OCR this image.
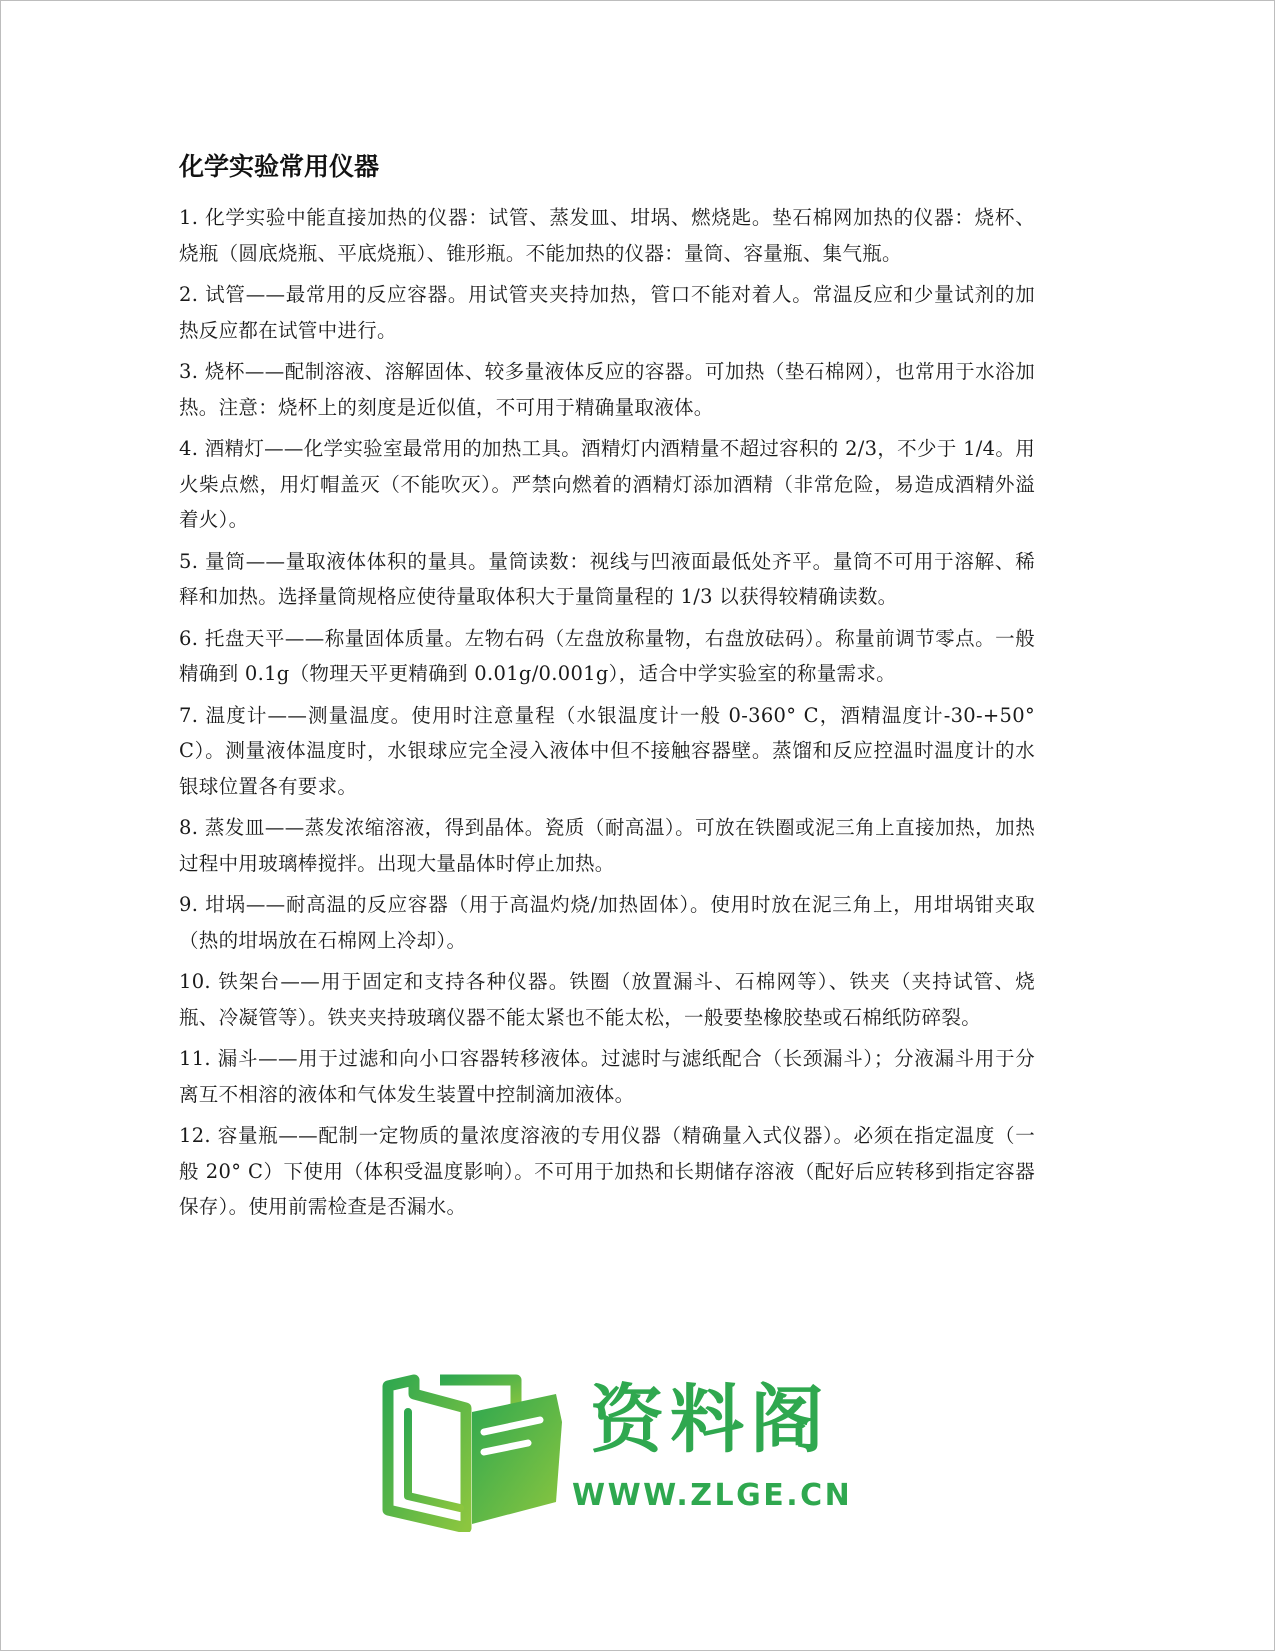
化学实验常用仪器

1. 化学实验中能直接加热的仪器：试管、蒸发皿、坩埚、燃烧匙。垫石棉网加热的仪器：烧杯、烧瓶（圆底烧瓶、平底烧瓶）、锥形瓶。不能加热的仪器：量筒、容量瓶、集气瓶。

2. 试管——最常用的反应容器。用试管夹夹持加热，管口不能对着人。常温反应和少量试剂的加热反应都在试管中进行。

3. 烧杯——配制溶液、溶解固体、较多量液体反应的容器。可加热（垫石棉网），也常用于水浴加热。注意：烧杯上的刻度是近似值，不可用于精确量取液体。

4. 酒精灯——化学实验室最常用的加热工具。酒精灯内酒精量不超过容积的 2/3，不少于 1/4。用火柴点燃，用灯帽盖灭（不能吹灭）。严禁向燃着的酒精灯添加酒精（非常危险，易造成酒精外溢着火）。

5. 量筒——量取液体体积的量具。量筒读数：视线与凹液面最低处齐平。量筒不可用于溶解、稀释和加热。选择量筒规格应使待量取体积大于量筒量程的 1/3 以获得较精确读数。

6. 托盘天平——称量固体质量。左物右码（左盘放称量物，右盘放砝码）。称量前调节零点。一般精确到 0.1g（物理天平更精确到 0.01g/0.001g），适合中学实验室的称量需求。

7. 温度计——测量温度。使用时注意量程（水银温度计一般 0-360° C，酒精温度计-30-+50° C）。测量液体温度时，水银球应完全浸入液体中但不接触容器壁。蒸馏和反应控温时温度计的水银球位置各有要求。

8. 蒸发皿——蒸发浓缩溶液，得到晶体。瓷质（耐高温）。可放在铁圈或泥三角上直接加热，加热过程中用玻璃棒搅拌。出现大量晶体时停止加热。

9. 坩埚——耐高温的反应容器（用于高温灼烧/加热固体）。使用时放在泥三角上，用坩埚钳夹取（热的坩埚放在石棉网上冷却）。

10. 铁架台——用于固定和支持各种仪器。铁圈（放置漏斗、石棉网等）、铁夹（夹持试管、烧瓶、冷凝管等）。铁夹夹持玻璃仪器不能太紧也不能太松，一般要垫橡胶垫或石棉纸防碎裂。

11. 漏斗——用于过滤和向小口容器转移液体。过滤时与滤纸配合（长颈漏斗）；分液漏斗用于分离互不相溶的液体和气体发生装置中控制滴加液体。

12. 容量瓶——配制一定物质的量浓度溶液的专用仪器（精确量入式仪器）。必须在指定温度（一般 20° C）下使用（体积受温度影响）。不可用于加热和长期储存溶液（配好后应转移到指定容器保存）。使用前需检查是否漏水。

资料阁
WWW.ZLGE.CN
